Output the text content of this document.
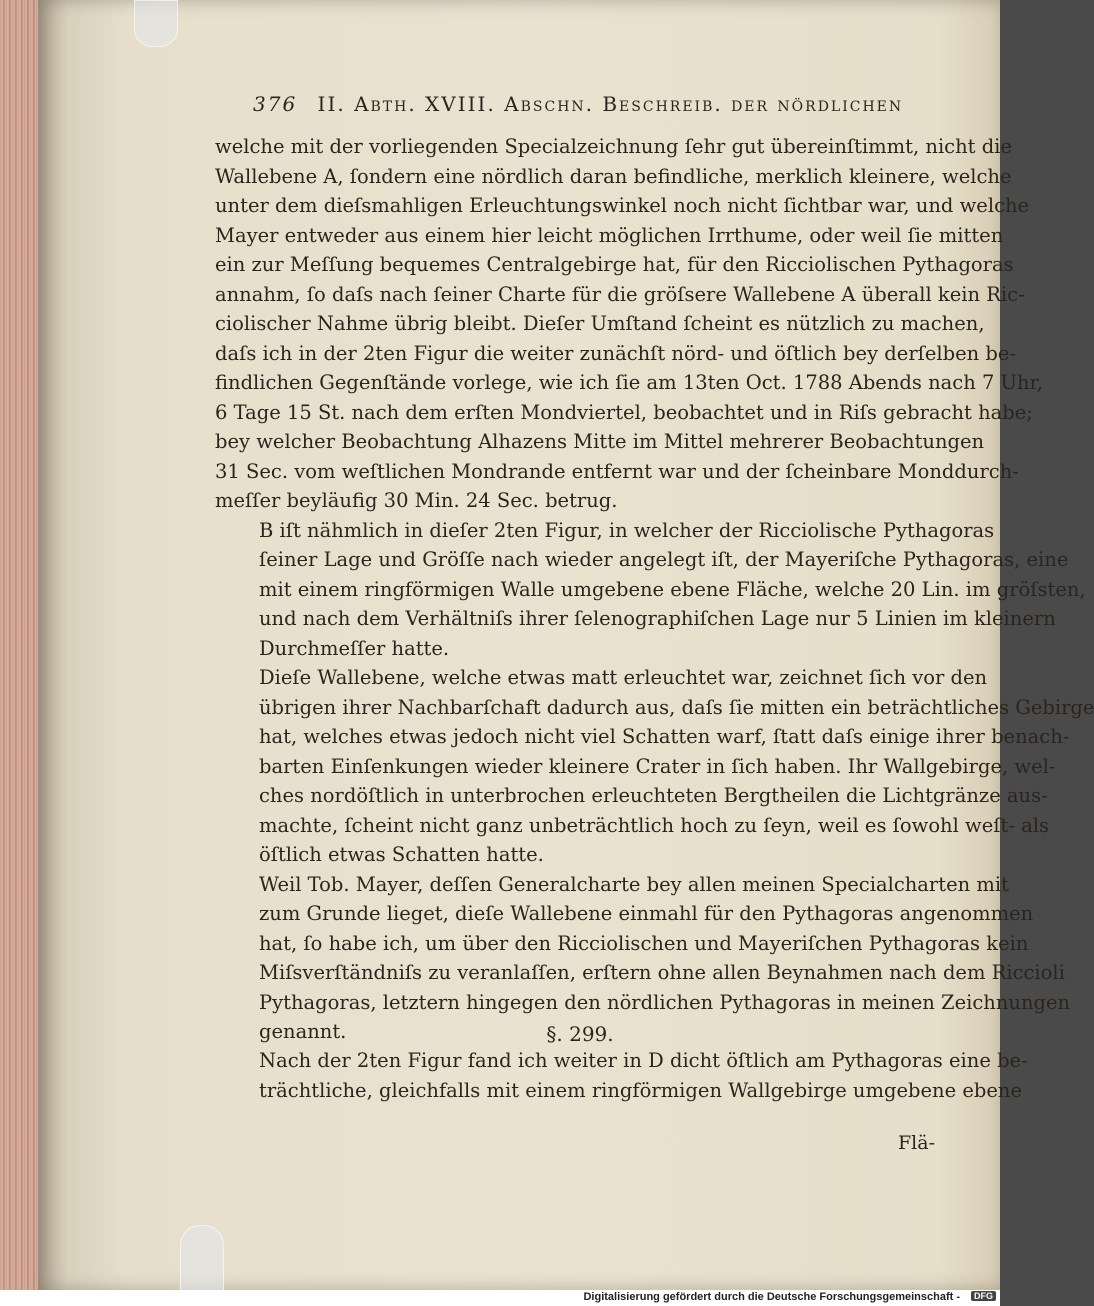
376 II. Abth. XVIII. Abschn. Beschreib. der nördlichen

welche mit der vorliegenden Specialzeichnung ſehr gut übereinſtimmt, nicht die
Wallebene A, ſondern eine nördlich daran befindliche, merklich kleinere, welche
unter dem dieſsmahligen Erleuchtungswinkel noch nicht ſichtbar war, und welche
Mayer entweder aus einem hier leicht möglichen Irrthume, oder weil ſie mitten
ein zur Meſſung bequemes Centralgebirge hat, für den Ricciolischen Pythagoras
annahm, ſo daſs nach ſeiner Charte für die gröſsere Wallebene A überall kein Ric-
ciolischer Nahme übrig bleibt. Dieſer Umſtand ſcheint es nützlich zu machen,
daſs ich in der 2ten Figur die weiter zunächſt nörd- und öſtlich bey derſelben be-
findlichen Gegenſtände vorlege, wie ich ſie am 13ten Oct. 1788 Abends nach 7 Uhr,
6 Tage 15 St. nach dem erſten Mondviertel, beobachtet und in Riſs gebracht habe;
bey welcher Beobachtung Alhazens Mitte im Mittel mehrerer Beobachtungen
31 Sec. vom weſtlichen Mondrande entfernt war und der ſcheinbare Monddurch-
meſſer beyläufig 30 Min. 24 Sec. betrug.

B iſt nähmlich in dieſer 2ten Figur, in welcher der Ricciolische Pythagoras
ſeiner Lage und Gröſſe nach wieder angelegt iſt, der Mayeriſche Pythagoras, eine
mit einem ringförmigen Walle umgebene ebene Fläche, welche 20 Lin. im gröſsten,
und nach dem Verhältniſs ihrer ſelenographiſchen Lage nur 5 Linien im kleinern
Durchmeſſer hatte.

Dieſe Wallebene, welche etwas matt erleuchtet war, zeichnet ſich vor den
übrigen ihrer Nachbarſchaft dadurch aus, daſs ſie mitten ein beträchtliches Gebirge
hat, welches etwas jedoch nicht viel Schatten warf, ſtatt daſs einige ihrer benach-
barten Einſenkungen wieder kleinere Crater in ſich haben. Ihr Wallgebirge, wel-
ches nordöſtlich in unterbrochen erleuchteten Bergtheilen die Lichtgränze aus-
machte, ſcheint nicht ganz unbeträchtlich hoch zu ſeyn, weil es ſowohl weſt- als
öſtlich etwas Schatten hatte.

Weil Tob. Mayer, deſſen Generalcharte bey allen meinen Specialcharten mit
zum Grunde lieget, dieſe Wallebene einmahl für den Pythagoras angenommen
hat, ſo habe ich, um über den Ricciolischen und Mayeriſchen Pythagoras kein
Miſsverſtändniſs zu veranlaſſen, erſtern ohne allen Beynahmen nach dem Riccioli
Pythagoras, letztern hingegen den nördlichen Pythagoras in meinen Zeichnungen
genannt.	§. 299.

Nach der 2ten Figur fand ich weiter in D dicht öſtlich am Pythagoras eine be-
trächtliche, gleichfalls mit einem ringförmigen Wallgebirge umgebene ebene

Flä-
Digitalisierung gefördert durch die Deutsche Forschungsgemeinschaft -	DFG
